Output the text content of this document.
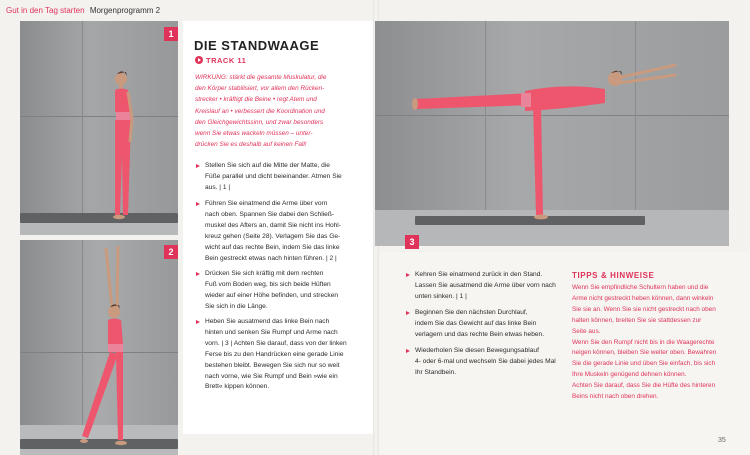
Gut in den Tag starten Morgenprogramm 2
1
2
DIE STANDWAAGE
TRACK 11

WIRKUNG: stärkt die gesamte Muskulatur, die

den Körper stabilisiert, vor allem den Rücken-

strecker • kräftigt die Beine • regt Atem und

Kreislauf an • verbessert die Koordination und

den Gleichgewichtssinn, und zwar besonders

wenn Sie etwas wackeln müssen – unter-

drücken Sie es deshalb auf keinen Fall!

Stellen Sie sich auf die Mitte der Matte, die

Füße parallel und dicht beieinander. Atmen Sie

aus. | 1 |

Führen Sie einatmend die Arme über vorn

nach oben. Spannen Sie dabei den Schließ-

muskel des Afters an, damit Sie nicht ins Hohl-

kreuz gehen (Seite 28). Verlagern Sie das Ge-

wicht auf das rechte Bein, indem Sie das linke

Bein gestreckt etwas nach hinten führen. | 2 |

Drücken Sie sich kräftig mit dem rechten

Fuß vom Boden weg, bis sich beide Hüften

wieder auf einer Höhe befinden, und strecken

Sie sich in die Länge.

Heben Sie ausatmend das linke Bein nach

hinten und senken Sie Rumpf und Arme nach

vorn. | 3 | Achten Sie darauf, dass von der linken

Ferse bis zu den Handrücken eine gerade Linie

bestehen bleibt. Bewegen Sie sich nur so weit

nach vorne, wie Sie Rumpf und Bein »wie ein

Brett« kippen können.

3

Kehren Sie einatmend zurück in den Stand.

Lassen Sie ausatmend die Arme über vorn nach

unten sinken. | 1 |

Beginnen Sie den nächsten Durchlauf,

indem Sie das Gewicht auf das linke Bein

verlagern und das rechte Bein etwas heben.

Wiederholen Sie diesen Bewegungsablauf

4- oder 6-mal und wechseln Sie dabei jedes Mal

Ihr Standbein.

TIPPS & HINWEISE

Wenn Sie empfindliche Schultern haben und die

Arme nicht gestreckt heben können, dann winkeln

Sie sie an. Wenn Sie sie nicht gestreckt nach oben

halten können, breiten Sie sie stattdessen zur

Seite aus.

Wenn Sie den Rumpf nicht bis in die Waagerechte

neigen können, bleiben Sie weiter oben. Bewahren

Sie die gerade Linie und üben Sie einfach, bis sich

Ihre Muskeln genügend dehnen können.

Achten Sie darauf, dass Sie die Hüfte des hinteren

Beins nicht nach oben drehen.

35
